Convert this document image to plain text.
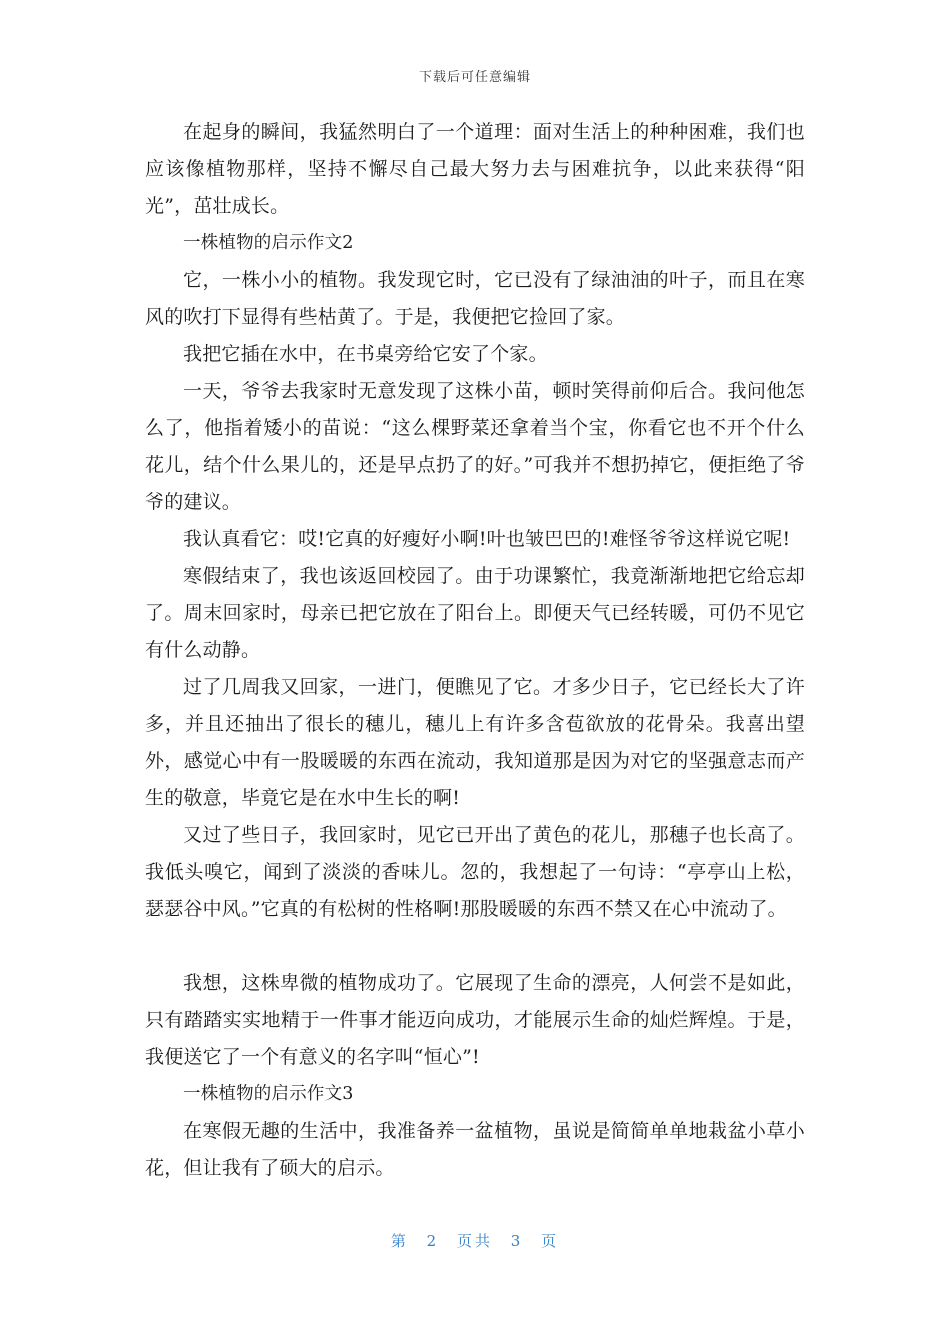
下载后可任意编辑

在起身的瞬间，我猛然明白了一个道理：面对生活上的种种困难，我们也应该像植物那样，坚持不懈尽自己最大努力去与困难抗争，以此来获得“阳光”，茁壮成长。

一株植物的启示作文2

它，一株小小的植物。我发现它时，它已没有了绿油油的叶子，而且在寒风的吹打下显得有些枯黄了。于是，我便把它捡回了家。

我把它插在水中，在书桌旁给它安了个家。

一天，爷爷去我家时无意发现了这株小苗，顿时笑得前仰后合。我问他怎么了，他指着矮小的苗说：“这么棵野菜还拿着当个宝，你看它也不开个什么花儿，结个什么果儿的，还是早点扔了的好。”可我并不想扔掉它，便拒绝了爷爷的建议。

我认真看它：哎!它真的好瘦好小啊!叶也皱巴巴的!难怪爷爷这样说它呢!

寒假结束了，我也该返回校园了。由于功课繁忙，我竟渐渐地把它给忘却了。周末回家时，母亲已把它放在了阳台上。即便天气已经转暖，可仍不见它有什么动静。

过了几周我又回家，一进门，便瞧见了它。才多少日子，它已经长大了许多，并且还抽出了很长的穗儿，穗儿上有许多含苞欲放的花骨朵。我喜出望外，感觉心中有一股暖暖的东西在流动，我知道那是因为对它的坚强意志而产生的敬意，毕竟它是在水中生长的啊!

又过了些日子，我回家时，见它已开出了黄色的花儿，那穗子也长高了。我低头嗅它，闻到了淡淡的香味儿。忽的，我想起了一句诗：“亭亭山上松，瑟瑟谷中风。”它真的有松树的性格啊!那股暖暖的东西不禁又在心中流动了。

我想，这株卑微的植物成功了。它展现了生命的漂亮，人何尝不是如此，只有踏踏实实地精于一件事才能迈向成功，才能展示生命的灿烂辉煌。于是，我便送它了一个有意义的名字叫“恒心”!

一株植物的启示作文3

在寒假无趣的生活中，我准备养一盆植物，虽说是简简单单地栽盆小草小花，但让我有了硕大的启示。

第 2 页共 3 页
